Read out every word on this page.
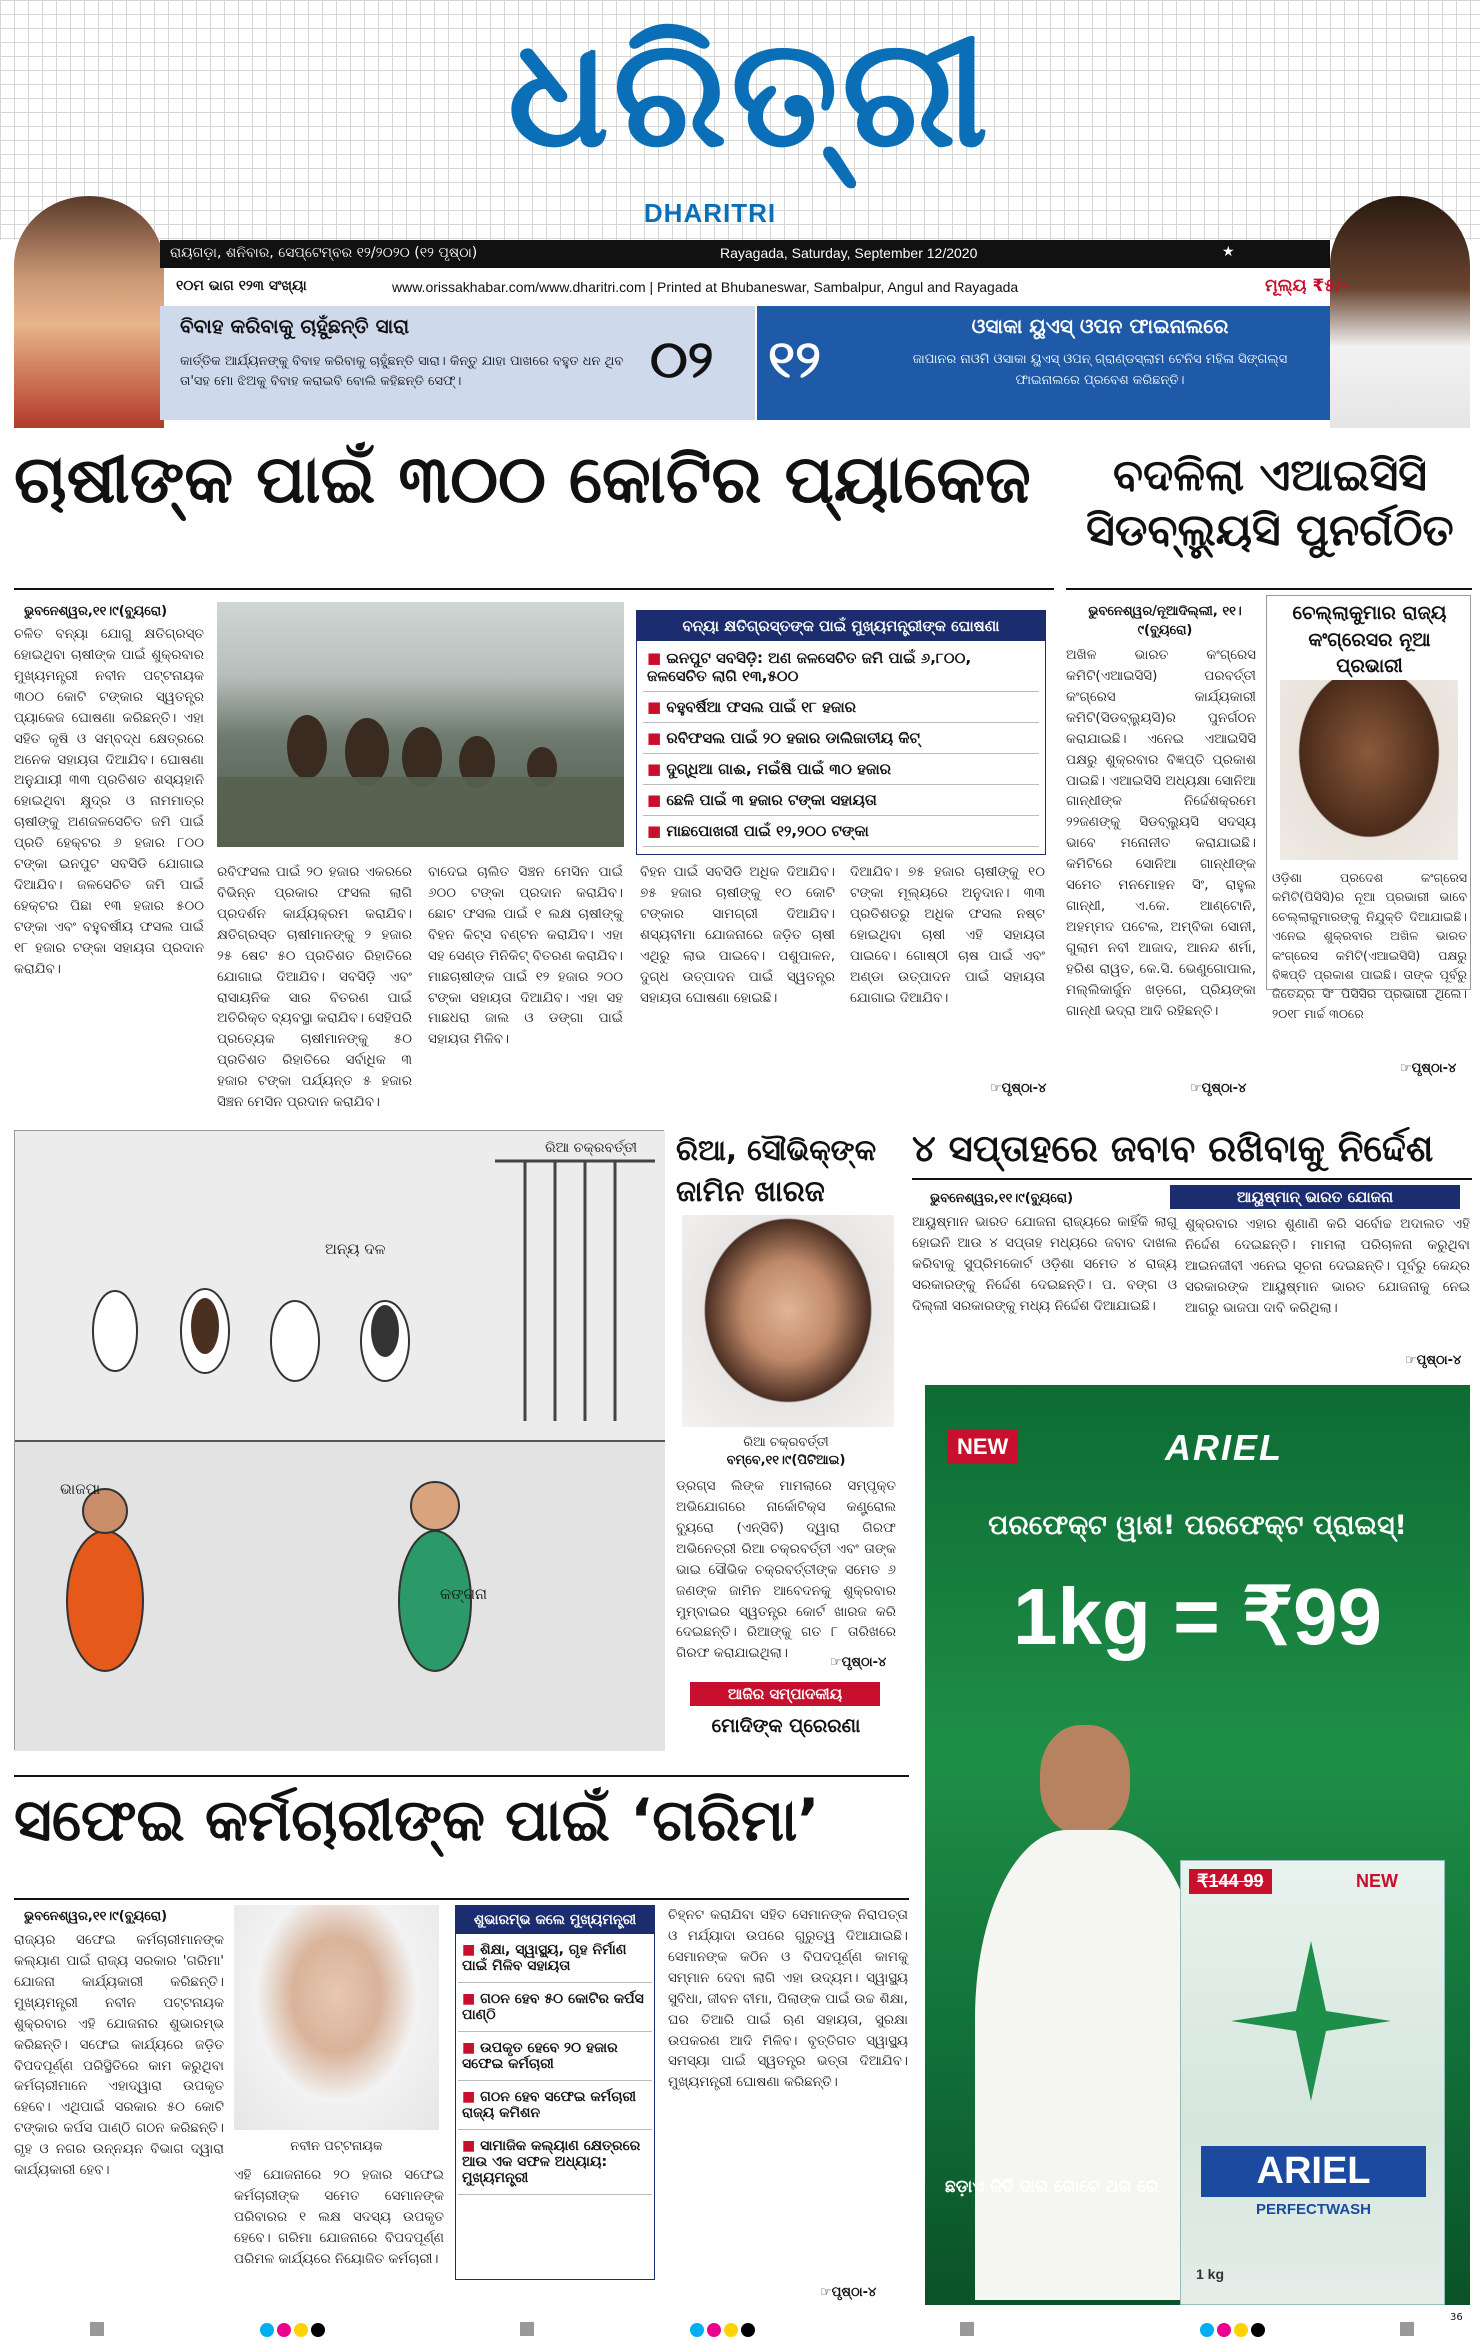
ଧରିତ୍ରୀ
DHARITRI
ରାୟଗଡ଼ା, ଶନିବାର, ସେପ୍ଟେମ୍ବର ୧୨/୨୦୨୦ (୧୨ ପୃଷ୍ଠା)	Rayagada, Saturday, September 12/2020	★
୧୦ମ ଭାଗ ୧୨୩ ସଂଖ୍ୟା	www.orissakhabar.com/www.dharitri.com | Printed at Bhubaneswar, Sambalpur, Angul and Rayagada	ମୂଲ୍ୟ ₹୫/-
ବିବାହ କରିବାକୁ ଚାହୁଁଛନ୍ତି ସାରା
କାର୍ତ୍ତିକ ଆର୍ଯ୍ୟନଙ୍କୁ ବିବାହ କରିବାକୁ ଚାହୁଁଛନ୍ତି ସାରା। କିନ୍ତୁ ଯାହା ପାଖରେ ବହୁତ ଧନ ଥିବ ତା'ସହ ମୋ ଝିଅକୁ ବିବାହ କରାଇବି ବୋଲି କହିଛନ୍ତି ସେଫ୍।	୦୨ ୧୨
ଓସାକା ୟୁଏସ୍ ଓପନ ଫାଇନାଲରେ
ଜାପାନର ନାଓମି ଓସାକା ୟୁଏସ୍ ଓପନ୍ ଗ୍ରାଣ୍ଡସ୍ଲାମ ଟେନିସ ମହିଳା ସିଙ୍ଗଲ୍ସ ଫାଇନାଲରେ ପ୍ରବେଶ କରିଛନ୍ତି।
ଚାଷୀଙ୍କ ପାଇଁ ୩୦୦ କୋଟିର ପ୍ୟାକେଜ
ଭୁବନେଶ୍ୱର,୧୧।୯(ବ୍ୟୁରୋ)
ଚଳିତ ବନ୍ୟା ଯୋଗୁ କ୍ଷତିଗ୍ରସ୍ତ ହୋଇଥିବା ଚାଷୀଙ୍କ ପାଇଁ ଶୁକ୍ରବାର ମୁଖ୍ୟମନ୍ତ୍ରୀ ନବୀନ ପଟ୍ଟନାୟକ ୩୦୦ କୋଟି ଟଙ୍କାର ସ୍ୱତନ୍ତ୍ର ପ୍ୟାକେଜ ଘୋଷଣା କରିଛନ୍ତି। ଏହା ସହିତ କୃଷି ଓ ସମ୍ବଦ୍ଧ କ୍ଷେତ୍ରରେ ଅନେକ ସହାୟତା ଦିଆଯିବ। ଘୋଷଣା ଅନୁଯାୟୀ ୩୩ ପ୍ରତିଶତ ଶସ୍ୟହାନି ହୋଇଥିବା କ୍ଷୁଦ୍ର ଓ ନାମମାତ୍ର ଚାଷୀଙ୍କୁ ଅଣଜଳସେଚିତ ଜମି ପାଇଁ ପ୍ରତି ହେକ୍ଟର ୬ ହଜାର ୮୦୦ ଟଙ୍କା ଇନପୁଟ ସବସିଡି ଯୋଗାଇ ଦିଆଯିବ। ଜଳସେଚିତ ଜମି ପାଇଁ ହେକ୍ଟର ପିଛା ୧୩ ହଜାର ୫୦୦ ଟଙ୍କା ଏବଂ ବହୁବର୍ଷୀୟ ଫସଲ ପାଇଁ ୧୮ ହଜାର ଟଙ୍କା ସହାୟତା ପ୍ରଦାନ କରାଯିବ।
ରବିଫସଲ ପାଇଁ ୨୦ ହଜାର ଏକରରେ ବିଭିନ୍ନ ପ୍ରକାର ଫସଲ ଲାଗି ପ୍ରଦର୍ଶନ କାର୍ଯ୍ୟକ୍ରମ କରାଯିବ। କ୍ଷତିଗ୍ରସ୍ତ ଚାଷୀମାନଙ୍କୁ ୨ ହଜାର ୨୫ ଷେଟ ୫୦ ପ୍ରତିଶତ ରିହାତିରେ ଯୋଗାଇ ଦିଆଯିବ। ସବସିଡ଼ି ଏବଂ ରାସାୟନିକ ସାର ବିତରଣ ପାଇଁ ଅତିରିକ୍ତ ବ୍ୟବସ୍ଥା କରାଯିବ। ସେହିପରି ପ୍ରତ୍ୟେକ ଚାଷୀମାନଙ୍କୁ ୫୦ ପ୍ରତିଶତ ରିହାତିରେ ସର୍ବାଧିକ ୩ ହଜାର ଟଙ୍କା ପର୍ଯ୍ୟନ୍ତ ୫ ହଜାର ସିଞ୍ଚନ ମେସିନ ପ୍ରଦାନ କରାଯିବ।
ବାଦେଇ ଚାଲିତ ସିଞ୍ଚନ ମେସିନ ପାଇଁ ୬୦୦ ଟଙ୍କା ପ୍ରଦାନ କରାଯିବ। ଛୋଟ ଫସଲ ପାଇଁ ୧ ଲକ୍ଷ ଚାଷୀଙ୍କୁ ବିହନ କିଟ୍ସ ବଣ୍ଟନ କରାଯିବ। ଏହା ସହ ସେଣ୍ଡ ମିନିକିଟ୍ ବିତରଣ କରାଯିବ। ମାଛଚାଷୀଙ୍କ ପାଇଁ ୧୨ ହଜାର ୨୦୦ ଟଙ୍କା ସହାୟତା ଦିଆଯିବ। ଏହା ସହ ମାଛଧରା ଜାଲ ଓ ଡଙ୍ଗା ପାଇଁ ସହାୟତା ମିଳିବ।
ବନ୍ୟା କ୍ଷତିଗ୍ରସ୍ତଙ୍କ ପାଇଁ ମୁଖ୍ୟମନ୍ତ୍ରୀଙ୍କ ଘୋଷଣା
■ ଇନପୁଟ ସବସିଡ଼ି: ଅଣ ଜଳସେଚିତ ଜମି ପାଇଁ ୬,୮୦୦, ଜଳସେଚିତ ଲାଗି ୧୩,୫୦୦
■ ବହୁବର୍ଷିଆ ଫସଲ ପାଇଁ ୧୮ ହଜାର
■ ରବିଫସଲ ପାଇଁ ୨୦ ହଜାର ଡାଲିଜାତୀୟ କିଟ୍
■ ଦୁଗ୍ଧିଆ ଗାଈ, ମଇଁଷି ପାଇଁ ୩୦ ହଜାର
■ ଛେଳି ପାଇଁ ୩ ହଜାର ଟଙ୍କା ସହାୟତା
■ ମାଛପୋଖରୀ ପାଇଁ ୧୨,୨୦୦ ଟଙ୍କା
ବିହନ ପାଇଁ ସବସିଡି ଅଧିକ ଦିଆଯିବ। ୭୫ ହଜାର ଚାଷୀଙ୍କୁ ୧୦ କୋଟି ଟଙ୍କାର ସାମଗ୍ରୀ ଦିଆଯିବ। ଶସ୍ୟବୀମା ଯୋଜନାରେ ଜଡ଼ିତ ଚାଷୀ ଏଥିରୁ ଲାଭ ପାଇବେ। ପଶୁପାଳନ, ଦୁଗ୍ଧ ଉତ୍ପାଦନ ପାଇଁ ସ୍ୱତନ୍ତ୍ର ସହାୟତା ଘୋଷଣା ହୋଇଛି।
ଦିଆଯିବ। ୭୫ ହଜାର ଚାଷୀଙ୍କୁ ୧୦ ଟଙ୍କା ମୂଲ୍ୟରେ ଅନୁଦାନ। ୩୩ ପ୍ରତିଶତରୁ ଅଧିକ ଫସଲ ନଷ୍ଟ ହୋଇଥିବା ଚାଷୀ ଏହି ସହାୟତା ପାଇବେ। ଗୋଷ୍ଠୀ ଚାଷ ପାଇଁ ଏବଂ ଅଣ୍ଡା ଉତ୍ପାଦନ ପାଇଁ ସହାୟତା ଯୋଗାଇ ଦିଆଯିବ।
☞ପୃଷ୍ଠା-୪
ବଦଳିଲା ଏଆଇସିସି ସିଡବ୍ଲ୍ୟୁସି ପୁନର୍ଗଠିତ
ଭୁବନେଶ୍ୱର/ନୂଆଦିଲ୍ଲୀ, ୧୧।୯(ବ୍ୟୁରୋ)
ଅଖିଳ ଭାରତ କଂଗ୍ରେସ କମିଟି(ଏଆଇସିସି) ପରବର୍ତ୍ତୀ କଂଗ୍ରେସ କାର୍ଯ୍ୟକାରୀ କମିଟି(ସିଡବ୍ଲ୍ୟୁସି)ର ପୁନର୍ଗଠନ କରାଯାଇଛି। ଏନେଇ ଏଆଇସିସି ପକ୍ଷରୁ ଶୁକ୍ରବାର ବିଜ୍ଞପ୍ତି ପ୍ରକାଶ ପାଇଛି। ଏଆଇସିସି ଅଧ୍ୟକ୍ଷା ସୋନିଆ ଗାନ୍ଧୀଙ୍କ ନିର୍ଦ୍ଦେଶକ୍ରମେ ୨୨ଜଣଙ୍କୁ ସିଡବ୍ଲ୍ୟୁସି ସଦସ୍ୟ ଭାବେ ମନୋନୀତ କରାଯାଇଛି। କମିଟିରେ ସୋନିଆ ଗାନ୍ଧୀଙ୍କ ସମେତ ମନମୋହନ ସିଂ, ରାହୁଲ ଗାନ୍ଧୀ, ଏ.କେ. ଆଣ୍ଟୋନି, ଅହମ୍ମଦ ପଟେଲ, ଅମ୍ବିକା ସୋନୀ, ଗୁଲାମ ନବୀ ଆଜାଦ, ଆନନ୍ଦ ଶର୍ମା, ହରିଶ ରାୱତ, କେ.ସି. ଭେଣୁଗୋପାଲ, ମଲ୍ଲିକାର୍ଜୁନ ଖଡ଼ଗେ, ପ୍ରିୟଙ୍କା ଗାନ୍ଧୀ ଭଦ୍ରା ଆଦି ରହିଛନ୍ତି।
☞ପୃଷ୍ଠା-୪
ଚେଲ୍ଲାକୁମାର ରାଜ୍ୟ କଂଗ୍ରେସର ନୂଆ ପ୍ରଭାରୀ
ଓଡ଼ିଶା ପ୍ରଦେଶ କଂଗ୍ରେସ କମିଟି(ପିସିସି)ର ନୂଆ ପ୍ରଭାରୀ ଭାବେ ଚେଲ୍ଲାକୁମାରଙ୍କୁ ନିଯୁକ୍ତି ଦିଆଯାଇଛି। ଏନେଇ ଶୁକ୍ରବାର ଅଖିଳ ଭାରତ କଂଗ୍ରେସ କମିଟି(ଏଆଇସିସି) ପକ୍ଷରୁ ବିଜ୍ଞପ୍ତି ପ୍ରକାଶ ପାଇଛି। ତାଙ୍କ ପୂର୍ବରୁ ଜିତେନ୍ଦ୍ର ସିଂ ପିସିସିର ପ୍ରଭାରୀ ଥିଲେ। ୨୦୧୮ ମାର୍ଚ୍ଚ ୩୦ରେ
☞ପୃଷ୍ଠା-୪
ଅନ୍ୟ ଦଳ
ରିଆ ଚକ୍ରବର୍ତ୍ତୀ
ଭାଜପା
କଙ୍ଗନା
ରିଆ, ସୌଭିକ୍‌ଙ୍କ ଜାମିନ ଖାରଜ
ରିଆ ଚକ୍ରବର୍ତ୍ତୀ
ବମ୍ବେ,୧୧।୯(ପିଟିଆଇ)
ଡ୍ରଗ୍ସ ଲିଙ୍କ ମାମଲାରେ ସମ୍ପୃକ୍ତ ଅଭିଯୋଗରେ ନାର୍କୋଟିକ୍ସ କଣ୍ଟ୍ରୋଲ ବ୍ୟୁରୋ (ଏନ୍‌ସିବି) ଦ୍ୱାରା ଗିରଫ ଅଭିନେତ୍ରୀ ରିଆ ଚକ୍ରବର୍ତ୍ତୀ ଏବଂ ତାଙ୍କ ଭାଇ ସୌଭିକ ଚକ୍ରବର୍ତ୍ତୀଙ୍କ ସମେତ ୬ ଜଣଙ୍କ ଜାମିନ ଆବେଦନକୁ ଶୁକ୍ରବାର ମୁମ୍ବାଇର ସ୍ୱତନ୍ତ୍ର କୋର୍ଟ ଖାରଜ କରି ଦେଇଛନ୍ତି। ରିଆଙ୍କୁ ଗତ ୮ ତାରିଖରେ ଗିରଫ କରାଯାଇଥିଲା।
☞ପୃଷ୍ଠା-୪
ଆଜିର ସମ୍ପାଦକୀୟ
ମୋଦିଙ୍କ ପ୍ରେରଣା
୪ ସପ୍ତାହରେ ଜବାବ ରଖିବାକୁ ନିର୍ଦ୍ଦେଶ
ଭୁବନେଶ୍ୱର,୧୧।୯(ବ୍ୟୁରୋ)	ଆୟୁଷ୍ମାନ୍ ଭାରତ ଯୋଜନା
ଆୟୁଷ୍ମାନ ଭାରତ ଯୋଜନା ରାଜ୍ୟରେ କାହିଁକି ଲାଗୁ ହୋଇନି ଆଉ ୪ ସପ୍ତାହ ମଧ୍ୟରେ ଜବାବ ଦାଖଲ କରିବାକୁ ସୁପ୍ରିମକୋର୍ଟ ଓଡ଼ିଶା ସମେତ ୪ ରାଜ୍ୟ ସରକାରଙ୍କୁ ନିର୍ଦ୍ଦେଶ ଦେଇଛନ୍ତି। ପ. ବଙ୍ଗ ଓ ଦିଲ୍ଲୀ ସରକାରଙ୍କୁ ମଧ୍ୟ ନିର୍ଦ୍ଦେଶ ଦିଆଯାଇଛି।
ଶୁକ୍ରବାର ଏହାର ଶୁଣାଣି କରି ସର୍ବୋଚ୍ଚ ଅଦାଲତ ଏହି ନିର୍ଦ୍ଦେଶ ଦେଇଛନ୍ତି। ମାମଲା ପରିଚାଳନା କରୁଥିବା ଆଇନଜୀବୀ ଏନେଇ ସୂଚନା ଦେଇଛନ୍ତି। ପୂର୍ବରୁ କେନ୍ଦ୍ର ସରକାରଙ୍କ ଆୟୁଷ୍ମାନ ଭାରତ ଯୋଜନାକୁ ନେଇ ଆଗରୁ ଭାଜପା ଦାବି କରିଥିଲା।
☞ପୃଷ୍ଠା-୪
NEW	ARIEL
ପରଫେକ୍ଟ ୱାଶ! ପରଫେକ୍ଟ ପ୍ରାଇସ୍!
1kg = ₹99
₹144 99	NEW
ARIEL
PERFECTWASH
1 kg
ଛଡ଼ାଏ ଜିଦି ଦାଗ ଗୋଟେ ଥର ରେ
*ଡ଼ି.ଏସ. ମୂଲ୍ୟରେ ୪୫ ଟଙ୍କା ରିହାତି
ସଫେଇ କର୍ମଚାରୀଙ୍କ ପାଇଁ ‘ଗରିମା’
ଭୁବନେଶ୍ୱର,୧୧।୯(ବ୍ୟୁରୋ)
ରାଜ୍ୟର ସଫେଇ କର୍ମଚାରୀମାନଙ୍କ କଲ୍ୟାଣ ପାଇଁ ରାଜ୍ୟ ସରକାର 'ଗରିମା' ଯୋଜନା କାର୍ଯ୍ୟକାରୀ କରିଛନ୍ତି। ମୁଖ୍ୟମନ୍ତ୍ରୀ ନବୀନ ପଟ୍ଟନାୟକ ଶୁକ୍ରବାର ଏହି ଯୋଜନାର ଶୁଭାରମ୍ଭ କରିଛନ୍ତି। ସଫେଇ କାର୍ଯ୍ୟରେ ଜଡ଼ିତ ବିପଦପୂର୍ଣ୍ଣ ପରିସ୍ଥିତିରେ କାମ କରୁଥିବା କର୍ମଚାରୀମାନେ ଏହାଦ୍ୱାରା ଉପକୃତ ହେବେ। ଏଥିପାଇଁ ସରକାର ୫୦ କୋଟି ଟଙ୍କାର କର୍ପସ ପାଣ୍ଠି ଗଠନ କରିଛନ୍ତି। ଗୃହ ଓ ନଗର ଉନ୍ନୟନ ବିଭାଗ ଦ୍ୱାରା କାର୍ଯ୍ୟକାରୀ ହେବ।
ନବୀନ ପଟ୍ଟନାୟକ
ଏହି ଯୋଜନାରେ ୨୦ ହଜାର ସଫେଇ କର୍ମଚାରୀଙ୍କ ସମେତ ସେମାନଙ୍କ ପରିବାରର ୧ ଲକ୍ଷ ସଦସ୍ୟ ଉପକୃତ ହେବେ। ଗରିମା ଯୋଜନାରେ ବିପଦପୂର୍ଣ୍ଣ ପରିମଳ କାର୍ଯ୍ୟରେ ନିୟୋଜିତ କର୍ମଚାରୀ।
ଶୁଭାରମ୍ଭ କଲେ ମୁଖ୍ୟମନ୍ତ୍ରୀ
■ ଶିକ୍ଷା, ସ୍ୱାସ୍ଥ୍ୟ, ଗୃହ ନିର୍ମାଣ ପାଇଁ ମିଳିବ ସହାୟତା
■ ଗଠନ ହେବ ୫୦ କୋଟିର କର୍ପସ ପାଣ୍ଠି
■ ଉପକୃତ ହେବେ ୨୦ ହଜାର ସଫେଇ କର୍ମଚାରୀ
■ ଗଠନ ହେବ ସଫେଇ କର୍ମଚାରୀ ରାଜ୍ୟ କମିଶନ
■ ସାମାଜିକ କଲ୍ୟାଣ କ୍ଷେତ୍ରରେ ଆଉ ଏକ ସଫଳ ଅଧ୍ୟାୟ: ମୁଖ୍ୟମନ୍ତ୍ରୀ
ଚିହ୍ନଟ କରାଯିବା ସହିତ ସେମାନଙ୍କ ନିରାପତ୍ତା ଓ ମର୍ଯ୍ୟାଦା ଉପରେ ଗୁରୁତ୍ୱ ଦିଆଯାଇଛି। ସେମାନଙ୍କ କଠିନ ଓ ବିପଦପୂର୍ଣ୍ଣ କାମକୁ ସମ୍ମାନ ଦେବା ଲାଗି ଏହା ଉଦ୍ୟମ। ସ୍ୱାସ୍ଥ୍ୟ ସୁବିଧା, ଜୀବନ ବୀମା, ପିଲାଙ୍କ ପାଇଁ ଉଚ୍ଚ ଶିକ୍ଷା, ଘର ତିଆରି ପାଇଁ ଋଣ ସହାୟତା, ସୁରକ୍ଷା ଉପକରଣ ଆଦି ମିଳିବ। ବୃତ୍ତିଗତ ସ୍ୱାସ୍ଥ୍ୟ ସମସ୍ୟା ପାଇଁ ସ୍ୱତନ୍ତ୍ର ଭତ୍ତା ଦିଆଯିବ। ମୁଖ୍ୟମନ୍ତ୍ରୀ ଘୋଷଣା କରିଛନ୍ତି।
☞ପୃଷ୍ଠା-୪
36
